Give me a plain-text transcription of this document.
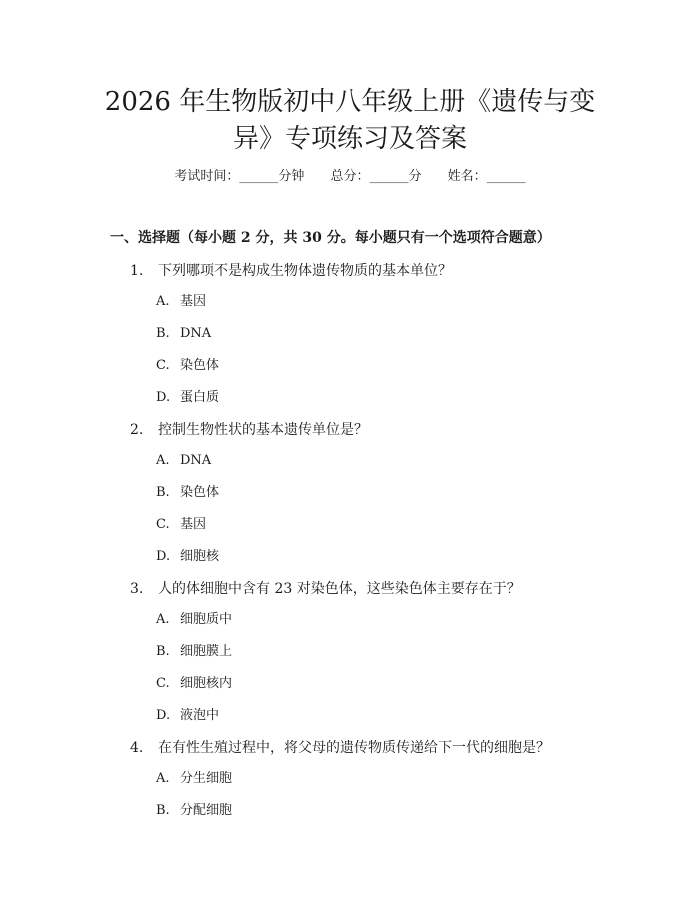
2026 年生物版初中八年级上册《遗传与变
异》专项练习及答案
考试时间：______分钟 总分：______分 姓名：______
一、选择题（每小题 2 分，共 30 分。每小题只有一个选项符合题意）
1. 下列哪项不是构成生物体遗传物质的基本单位？
A. 基因
B. DNA
C. 染色体
D. 蛋白质
2. 控制生物性状的基本遗传单位是？
A. DNA
B. 染色体
C. 基因
D. 细胞核
3. 人的体细胞中含有 23 对染色体，这些染色体主要存在于？
A. 细胞质中
B. 细胞膜上
C. 细胞核内
D. 液泡中
4. 在有性生殖过程中，将父母的遗传物质传递给下一代的细胞是？
A. 分生细胞
B. 分配细胞
